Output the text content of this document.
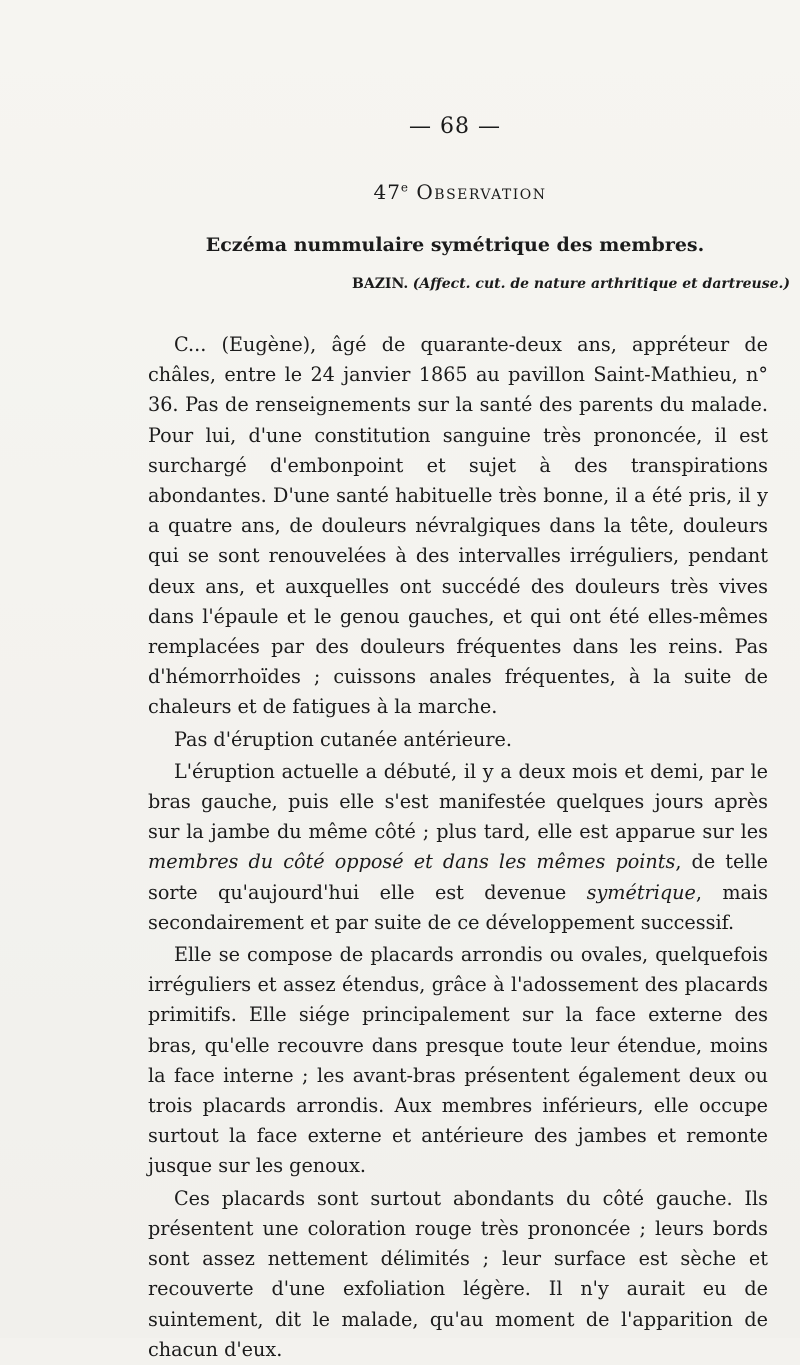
— 68 —
47e Observation
Eczéma nummulaire symétrique des membres.
BAZIN. (Affect. cut. de nature arthritique et dartreuse.)

C... (Eugène), âgé de quarante-deux ans, appréteur de châles, entre le 24 janvier 1865 au pavillon Saint-Mathieu, n° 36. Pas de renseignements sur la santé des parents du malade. Pour lui, d'une constitution sanguine très prononcée, il est surchargé d'embonpoint et sujet à des transpirations abondantes. D'une santé habituelle très bonne, il a été pris, il y a quatre ans, de douleurs névralgiques dans la tête, douleurs qui se sont renouvelées à des intervalles irréguliers, pendant deux ans, et auxquelles ont succédé des douleurs très vives dans l'épaule et le genou gauches, et qui ont été elles-mêmes remplacées par des douleurs fréquentes dans les reins. Pas d'hémorrhoïdes ; cuissons anales fréquentes, à la suite de chaleurs et de fatigues à la marche.

Pas d'éruption cutanée antérieure.

L'éruption actuelle a débuté, il y a deux mois et demi, par le bras gauche, puis elle s'est manifestée quelques jours après sur la jambe du même côté ; plus tard, elle est apparue sur les membres du côté opposé et dans les mêmes points, de telle sorte qu'aujourd'hui elle est devenue symétrique, mais secondairement et par suite de ce développement successif.

Elle se compose de placards arrondis ou ovales, quelquefois irréguliers et assez étendus, grâce à l'adossement des placards primitifs. Elle siége principalement sur la face externe des bras, qu'elle recouvre dans presque toute leur étendue, moins la face interne ; les avant-bras présentent également deux ou trois placards arrondis. Aux membres inférieurs, elle occupe surtout la face externe et antérieure des jambes et remonte jusque sur les genoux.

Ces placards sont surtout abondants du côté gauche. Ils présentent une coloration rouge très prononcée ; leurs bords sont assez nettement délimités ; leur surface est sèche et recouverte d'une exfoliation légère. Il n'y aurait eu de suintement, dit le malade, qu'au moment de l'apparition de chacun d'eux.
